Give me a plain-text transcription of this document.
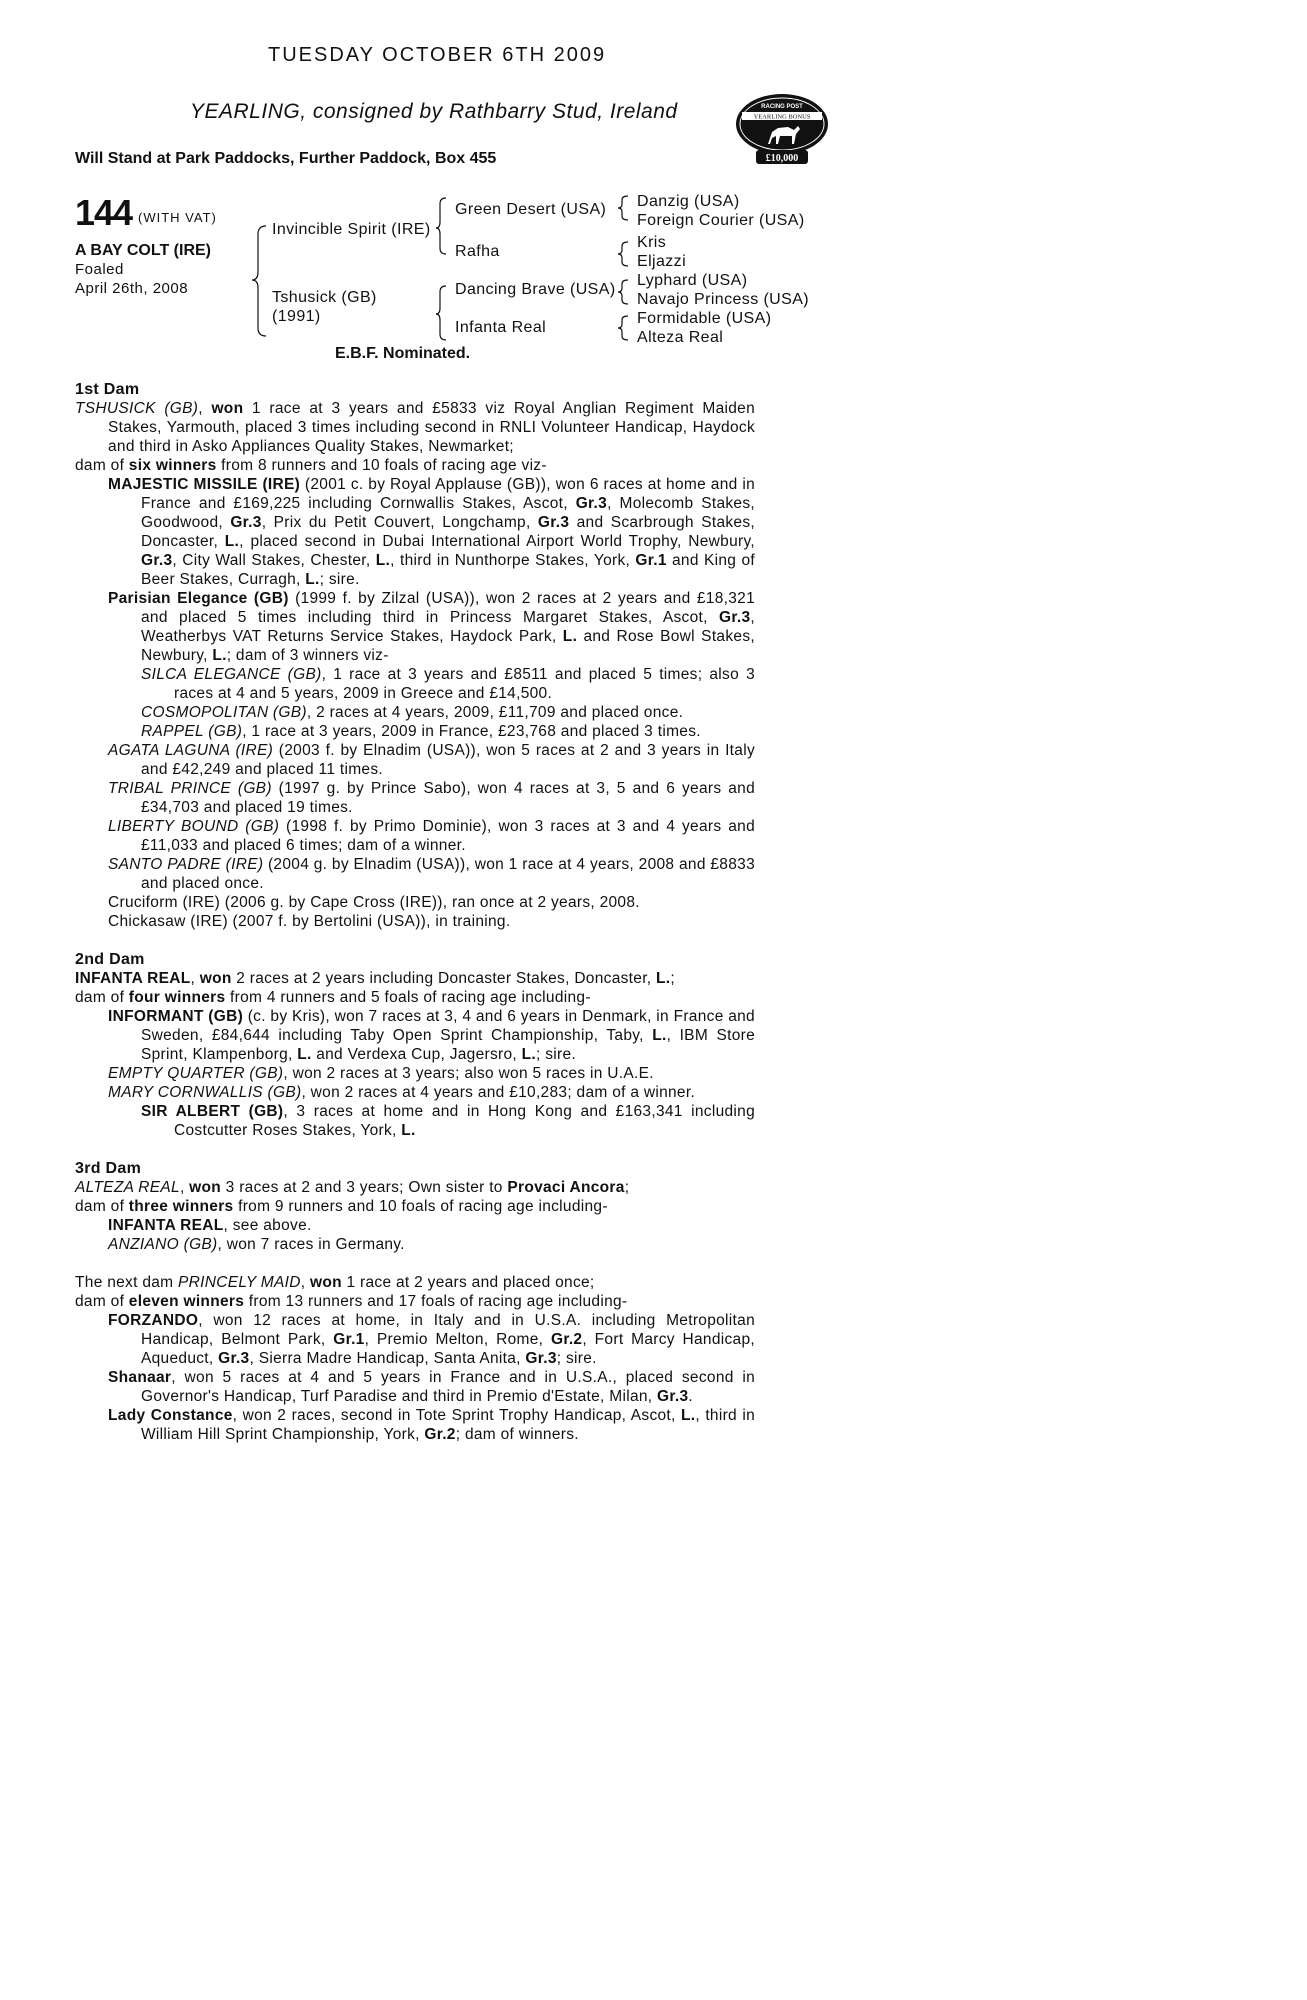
TUESDAY OCTOBER 6TH 2009
YEARLING, consigned by Rathbarry Stud, Ireland
Will Stand at Park Paddocks, Further Paddock, Box 455
RACING POST
YEARLING BONUS
£10,000
144 (WITH VAT)
A BAY COLT (IRE)
Foaled
April 26th, 2008
Invincible Spirit (IRE)
Tshusick (GB)
(1991)
Green Desert (USA)
Rafha
Dancing Brave (USA)
Infanta Real
Danzig (USA)
Foreign Courier (USA)
Kris
Eljazzi
Lyphard (USA)
Navajo Princess (USA)
Formidable (USA)
Alteza Real
E.B.F. Nominated.
1st Dam
TSHUSICK (GB), won 1 race at 3 years and £5833 viz Royal Anglian Regiment Maiden Stakes, Yarmouth, placed 3 times including second in RNLI Volunteer Handicap, Haydock and third in Asko Appliances Quality Stakes, Newmarket;
dam of six winners from 8 runners and 10 foals of racing age viz-
MAJESTIC MISSILE (IRE) (2001 c. by Royal Applause (GB)), won 6 races at home and in France and £169,225 including Cornwallis Stakes, Ascot, Gr.3, Molecomb Stakes, Goodwood, Gr.3, Prix du Petit Couvert, Longchamp, Gr.3 and Scarbrough Stakes, Doncaster, L., placed second in Dubai International Airport World Trophy, Newbury, Gr.3, City Wall Stakes, Chester, L., third in Nunthorpe Stakes, York, Gr.1 and King of Beer Stakes, Curragh, L.; sire.
Parisian Elegance (GB) (1999 f. by Zilzal (USA)), won 2 races at 2 years and £18,321 and placed 5 times including third in Princess Margaret Stakes, Ascot, Gr.3, Weatherbys VAT Returns Service Stakes, Haydock Park, L. and Rose Bowl Stakes, Newbury, L.; dam of 3 winners viz-
SILCA ELEGANCE (GB), 1 race at 3 years and £8511 and placed 5 times; also 3 races at 4 and 5 years, 2009 in Greece and £14,500.
COSMOPOLITAN (GB), 2 races at 4 years, 2009, £11,709 and placed once.
RAPPEL (GB), 1 race at 3 years, 2009 in France, £23,768 and placed 3 times.
AGATA LAGUNA (IRE) (2003 f. by Elnadim (USA)), won 5 races at 2 and 3 years in Italy and £42,249 and placed 11 times.
TRIBAL PRINCE (GB) (1997 g. by Prince Sabo), won 4 races at 3, 5 and 6 years and £34,703 and placed 19 times.
LIBERTY BOUND (GB) (1998 f. by Primo Dominie), won 3 races at 3 and 4 years and £11,033 and placed 6 times; dam of a winner.
SANTO PADRE (IRE) (2004 g. by Elnadim (USA)), won 1 race at 4 years, 2008 and £8833 and placed once.
Cruciform (IRE) (2006 g. by Cape Cross (IRE)), ran once at 2 years, 2008.
Chickasaw (IRE) (2007 f. by Bertolini (USA)), in training.
2nd Dam
INFANTA REAL, won 2 races at 2 years including Doncaster Stakes, Doncaster, L.;
dam of four winners from 4 runners and 5 foals of racing age including-
INFORMANT (GB) (c. by Kris), won 7 races at 3, 4 and 6 years in Denmark, in France and Sweden, £84,644 including Taby Open Sprint Championship, Taby, L., IBM Store Sprint, Klampenborg, L. and Verdexa Cup, Jagersro, L.; sire.
EMPTY QUARTER (GB), won 2 races at 3 years; also won 5 races in U.A.E.
MARY CORNWALLIS (GB), won 2 races at 4 years and £10,283; dam of a winner.
SIR ALBERT (GB), 3 races at home and in Hong Kong and £163,341 including Costcutter Roses Stakes, York, L.
3rd Dam
ALTEZA REAL, won 3 races at 2 and 3 years; Own sister to Provaci Ancora;
dam of three winners from 9 runners and 10 foals of racing age including-
INFANTA REAL, see above.
ANZIANO (GB), won 7 races in Germany.
The next dam PRINCELY MAID, won 1 race at 2 years and placed once;
dam of eleven winners from 13 runners and 17 foals of racing age including-
FORZANDO, won 12 races at home, in Italy and in U.S.A. including Metropolitan Handicap, Belmont Park, Gr.1, Premio Melton, Rome, Gr.2, Fort Marcy Handicap, Aqueduct, Gr.3, Sierra Madre Handicap, Santa Anita, Gr.3; sire.
Shanaar, won 5 races at 4 and 5 years in France and in U.S.A., placed second in Governor's Handicap, Turf Paradise and third in Premio d'Estate, Milan, Gr.3.
Lady Constance, won 2 races, second in Tote Sprint Trophy Handicap, Ascot, L., third in William Hill Sprint Championship, York, Gr.2; dam of winners.
